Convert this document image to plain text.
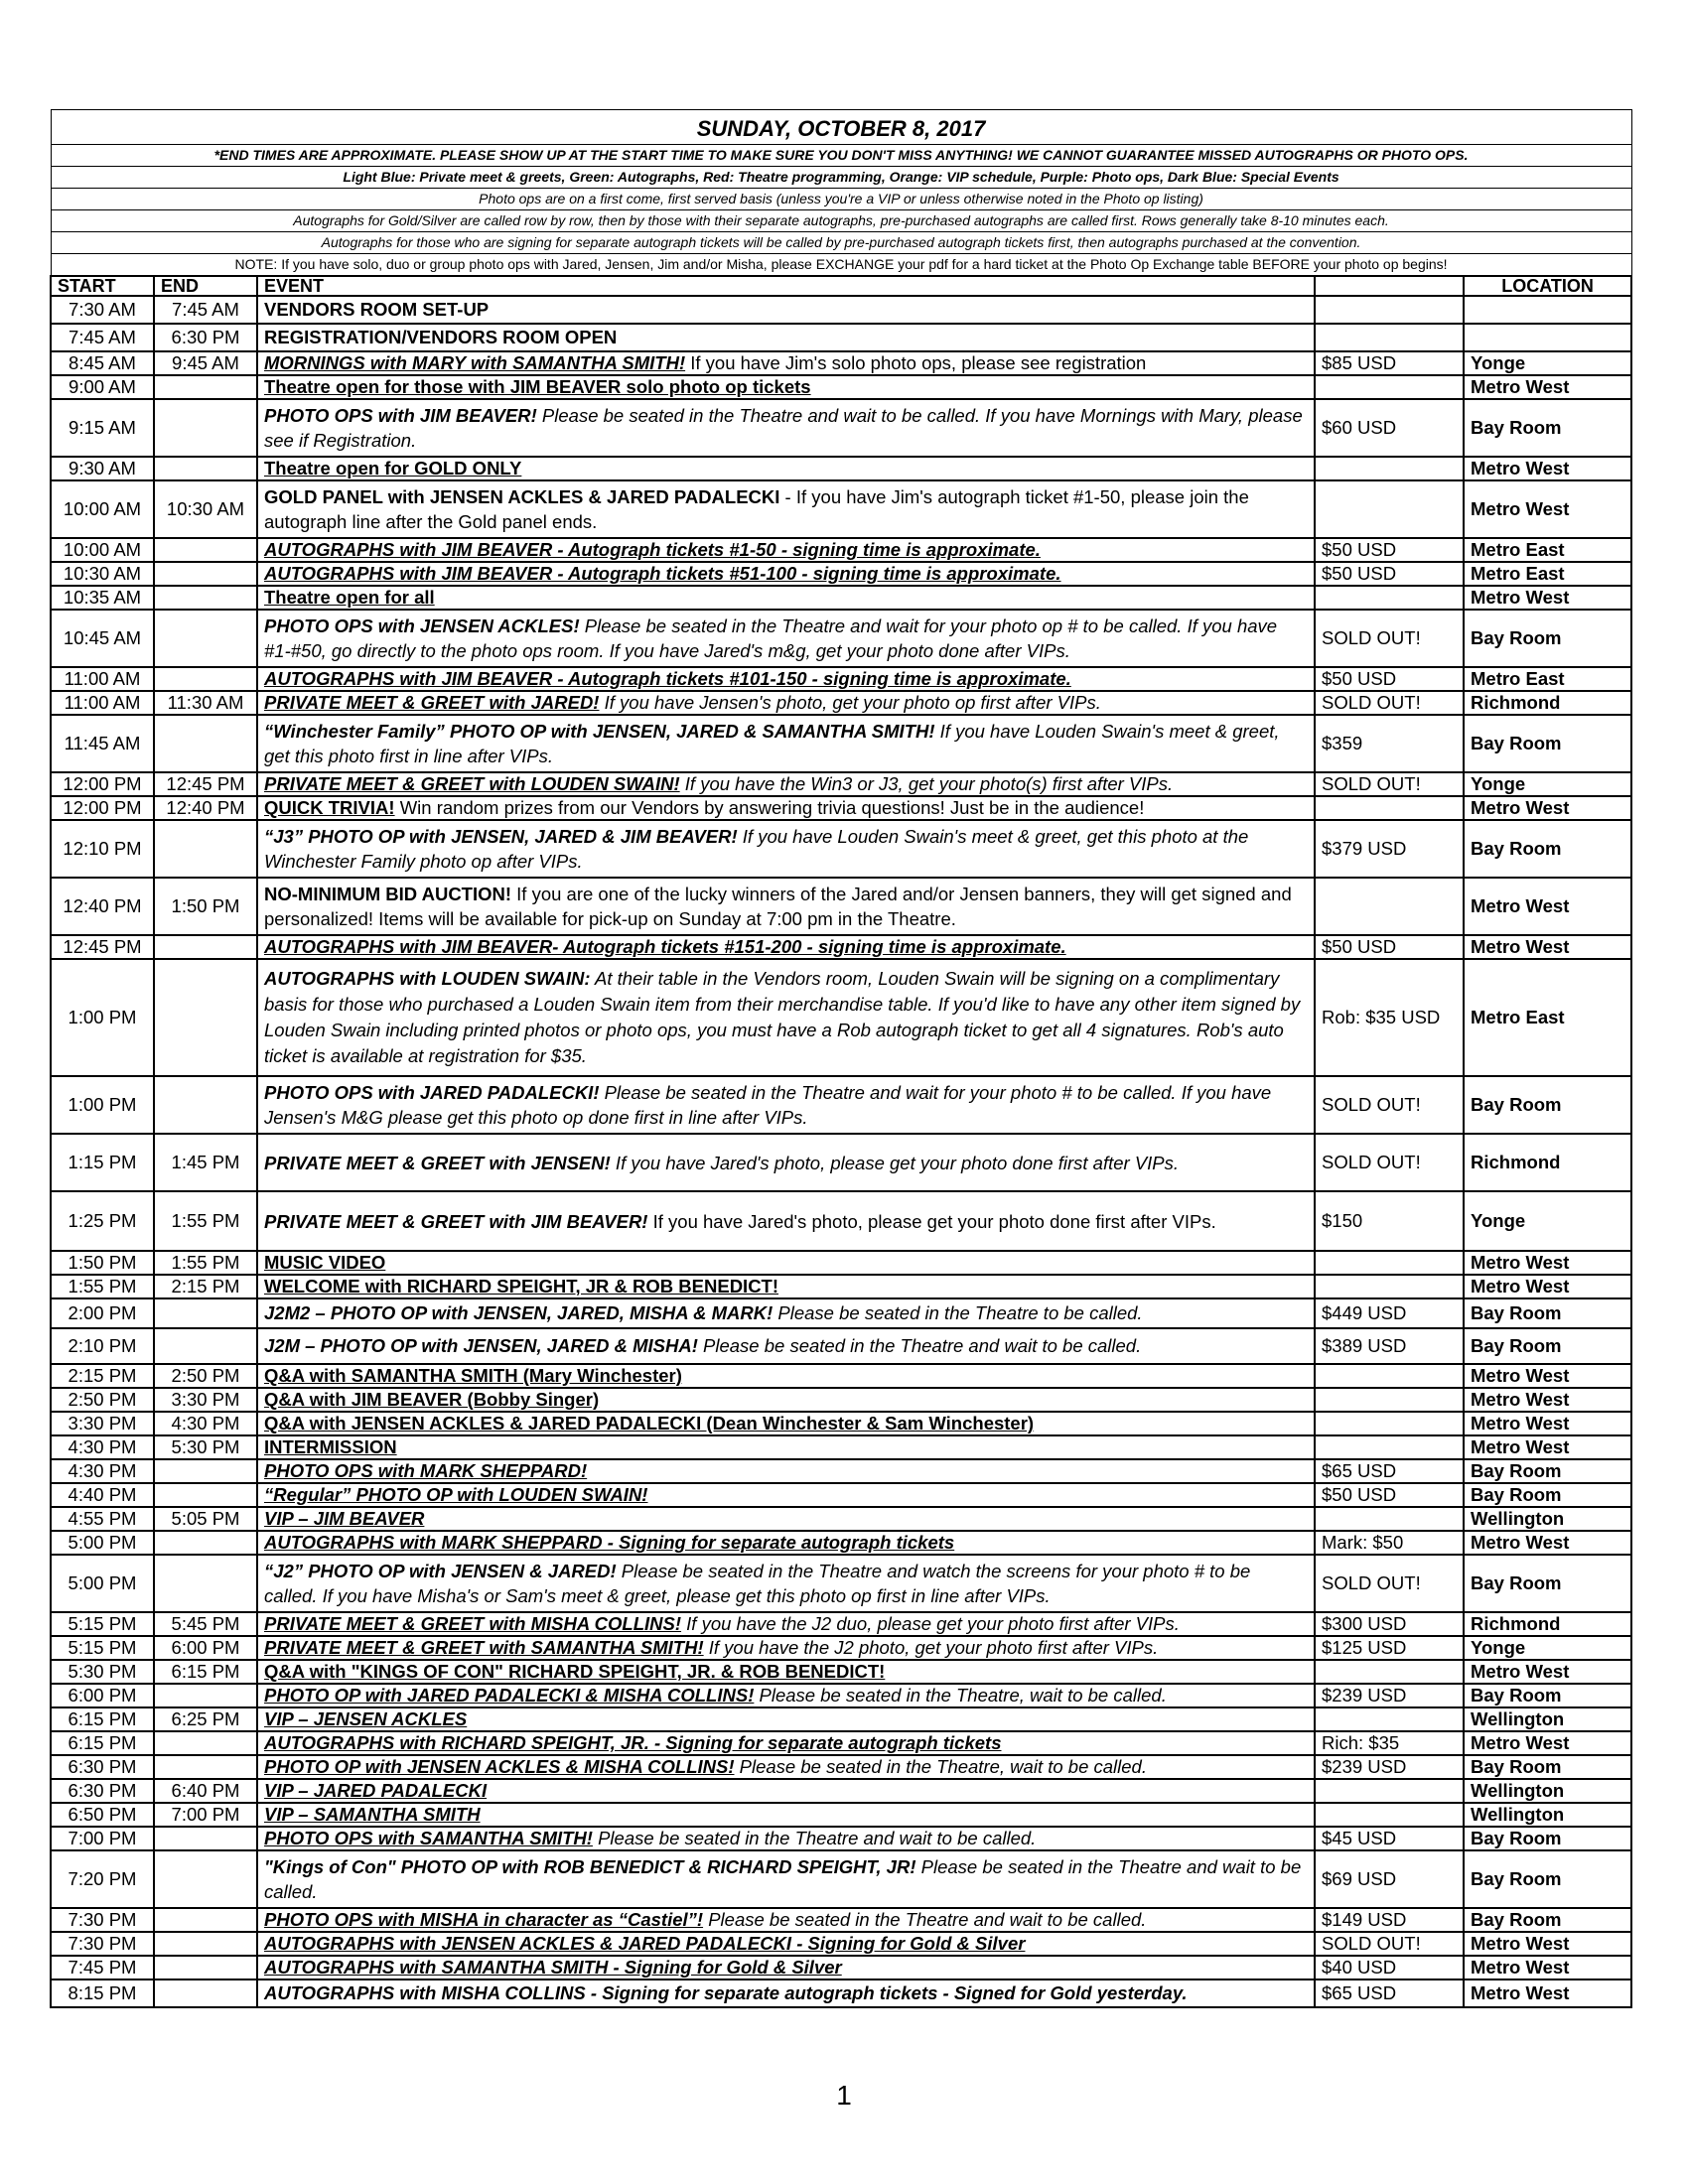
SUNDAY, OCTOBER 8, 2017				
*END TIMES ARE APPROXIMATE. PLEASE SHOW UP AT THE START TIME TO MAKE SURE YOU DON'T MISS ANYTHING! WE CANNOT GUARANTEE MISSED AUTOGRAPHS OR PHOTO OPS.				
Light Blue: Private meet & greets, Green: Autographs, Red: Theatre programming, Orange: VIP schedule, Purple: Photo ops, Dark Blue: Special Events				
Photo ops are on a first come, first served basis (unless you're a VIP or unless otherwise noted in the Photo op listing)				
Autographs for Gold/Silver are called row by row, then by those with their separate autographs, pre-purchased autographs are called first. Rows generally take 8-10 minutes each.				
Autographs for those who are signing for separate autograph tickets will be called by pre-purchased autograph tickets first, then autographs purchased at the convention.				
NOTE: If you have solo, duo or group photo ops with Jared, Jensen, Jim and/or Misha, please EXCHANGE your pdf for a hard ticket at the Photo Op Exchange table BEFORE your photo op begins!				
START	END	EVENT		LOCATION
7:30 AM	7:45 AM	VENDORS ROOM SET-UP		
7:45 AM	6:30 PM	REGISTRATION/VENDORS ROOM OPEN		
8:45 AM	9:45 AM	MORNINGS with MARY with SAMANTHA SMITH! If you have Jim's solo photo ops, please see registration	$85 USD	Yonge
9:00 AM		Theatre open for those with JIM BEAVER solo photo op tickets		Metro West
9:15 AM		PHOTO OPS with JIM BEAVER! Please be seated in the Theatre and wait to be called. If you have Mornings with Mary, please see if Registration.	$60 USD	Bay Room
9:30 AM		Theatre open for GOLD ONLY		Metro West
10:00 AM	10:30 AM	GOLD PANEL with JENSEN ACKLES & JARED PADALECKI - If you have Jim's autograph ticket #1-50, please join the autograph line after the Gold panel ends.		Metro West
10:00 AM		AUTOGRAPHS with JIM BEAVER - Autograph tickets #1-50 - signing time is approximate.	$50 USD	Metro East
10:30 AM		AUTOGRAPHS with JIM BEAVER - Autograph tickets #51-100 - signing time is approximate.	$50 USD	Metro East
10:35 AM		Theatre open for all		Metro West
10:45 AM		PHOTO OPS with JENSEN ACKLES! Please be seated in the Theatre and wait for your photo op # to be called. If you have #1-#50, go directly to the photo ops room. If you have Jared's m&g, get your photo done after VIPs.	SOLD OUT!	Bay Room
11:00 AM		AUTOGRAPHS with JIM BEAVER - Autograph tickets #101-150 - signing time is approximate.	$50 USD	Metro East
11:00 AM	11:30 AM	PRIVATE MEET & GREET with JARED! If you have Jensen's photo, get your photo op first after VIPs.	SOLD OUT!	Richmond
11:45 AM		“Winchester Family” PHOTO OP with JENSEN, JARED & SAMANTHA SMITH! If you have Louden Swain's meet & greet, get this photo first in line after VIPs.	$359	Bay Room
12:00 PM	12:45 PM	PRIVATE MEET & GREET with LOUDEN SWAIN! If you have the Win3 or J3, get your photo(s) first after VIPs.	SOLD OUT!	Yonge
12:00 PM	12:40 PM	QUICK TRIVIA! Win random prizes from our Vendors by answering trivia questions! Just be in the audience!		Metro West
12:10 PM		“J3” PHOTO OP with JENSEN, JARED & JIM BEAVER! If you have Louden Swain's meet & greet, get this photo at the Winchester Family photo op after VIPs.	$379 USD	Bay Room
12:40 PM	1:50 PM	NO-MINIMUM BID AUCTION! If you are one of the lucky winners of the Jared and/or Jensen banners, they will get signed and personalized! Items will be available for pick-up on Sunday at 7:00 pm in the Theatre.		Metro West
12:45 PM		AUTOGRAPHS with JIM BEAVER- Autograph tickets #151-200 - signing time is approximate.	$50 USD	Metro West
1:00 PM		AUTOGRAPHS with LOUDEN SWAIN: At their table in the Vendors room, Louden Swain will be signing on a complimentary basis for those who purchased a Louden Swain item from their merchandise table. If you'd like to have any other item signed by Louden Swain including printed photos or photo ops, you must have a Rob autograph ticket to get all 4 signatures. Rob's auto ticket is available at registration for $35.	Rob: $35 USD	Metro East
1:00 PM		PHOTO OPS with JARED PADALECKI! Please be seated in the Theatre and wait for your photo # to be called. If you have Jensen's M&G please get this photo op done first in line after VIPs.	SOLD OUT!	Bay Room
1:15 PM	1:45 PM	PRIVATE MEET & GREET with JENSEN! If you have Jared's photo, please get your photo done first after VIPs.	SOLD OUT!	Richmond
1:25 PM	1:55 PM	PRIVATE MEET & GREET with JIM BEAVER! If you have Jared's photo, please get your photo done first after VIPs.	$150	Yonge
1:50 PM	1:55 PM	MUSIC VIDEO		Metro West
1:55 PM	2:15 PM	WELCOME with RICHARD SPEIGHT, JR & ROB BENEDICT!		Metro West
2:00 PM		J2M2 – PHOTO OP with JENSEN, JARED, MISHA & MARK! Please be seated in the Theatre to be called.	$449 USD	Bay Room
2:10 PM		J2M – PHOTO OP with JENSEN, JARED & MISHA! Please be seated in the Theatre and wait to be called.	$389 USD	Bay Room
2:15 PM	2:50 PM	Q&A with SAMANTHA SMITH (Mary Winchester)		Metro West
2:50 PM	3:30 PM	Q&A with JIM BEAVER (Bobby Singer)		Metro West
3:30 PM	4:30 PM	Q&A with JENSEN ACKLES & JARED PADALECKI (Dean Winchester & Sam Winchester)		Metro West
4:30 PM	5:30 PM	INTERMISSION		Metro West
4:30 PM		PHOTO OPS with MARK SHEPPARD!	$65 USD	Bay Room
4:40 PM		“Regular” PHOTO OP with LOUDEN SWAIN!	$50 USD	Bay Room
4:55 PM	5:05 PM	VIP – JIM BEAVER		Wellington
5:00 PM		AUTOGRAPHS with MARK SHEPPARD - Signing for separate autograph tickets	Mark: $50	Metro West
5:00 PM		“J2” PHOTO OP with JENSEN & JARED! Please be seated in the Theatre and watch the screens for your photo # to be called. If you have Misha's or Sam's meet & greet, please get this photo op first in line after VIPs.	SOLD OUT!	Bay Room
5:15 PM	5:45 PM	PRIVATE MEET & GREET with MISHA COLLINS! If you have the J2 duo, please get your photo first after VIPs.	$300 USD	Richmond
5:15 PM	6:00 PM	PRIVATE MEET & GREET with SAMANTHA SMITH! If you have the J2 photo, get your photo first after VIPs.	$125 USD	Yonge
5:30 PM	6:15 PM	Q&A with "KINGS OF CON" RICHARD SPEIGHT, JR. & ROB BENEDICT!		Metro West
6:00 PM		PHOTO OP with JARED PADALECKI & MISHA COLLINS! Please be seated in the Theatre, wait to be called.	$239 USD	Bay Room
6:15 PM	6:25 PM	VIP – JENSEN ACKLES		Wellington
6:15 PM		AUTOGRAPHS with RICHARD SPEIGHT, JR. - Signing for separate autograph tickets	Rich: $35	Metro West
6:30 PM		PHOTO OP with JENSEN ACKLES & MISHA COLLINS! Please be seated in the Theatre, wait to be called.	$239 USD	Bay Room
6:30 PM	6:40 PM	VIP – JARED PADALECKI		Wellington
6:50 PM	7:00 PM	VIP – SAMANTHA SMITH		Wellington
7:00 PM		PHOTO OPS with SAMANTHA SMITH! Please be seated in the Theatre and wait to be called.	$45 USD	Bay Room
7:20 PM		"Kings of Con" PHOTO OP with ROB BENEDICT & RICHARD SPEIGHT, JR! Please be seated in the Theatre and wait to be called.	$69 USD	Bay Room
7:30 PM		PHOTO OPS with MISHA in character as “Castiel”! Please be seated in the Theatre and wait to be called.	$149 USD	Bay Room
7:30 PM		AUTOGRAPHS with JENSEN ACKLES & JARED PADALECKI - Signing for Gold & Silver	SOLD OUT!	Metro West
7:45 PM		AUTOGRAPHS with SAMANTHA SMITH - Signing for Gold & Silver	$40 USD	Metro West
8:15 PM		AUTOGRAPHS with MISHA COLLINS - Signing for separate autograph tickets - Signed for Gold yesterday.	$65 USD	Metro West
1
